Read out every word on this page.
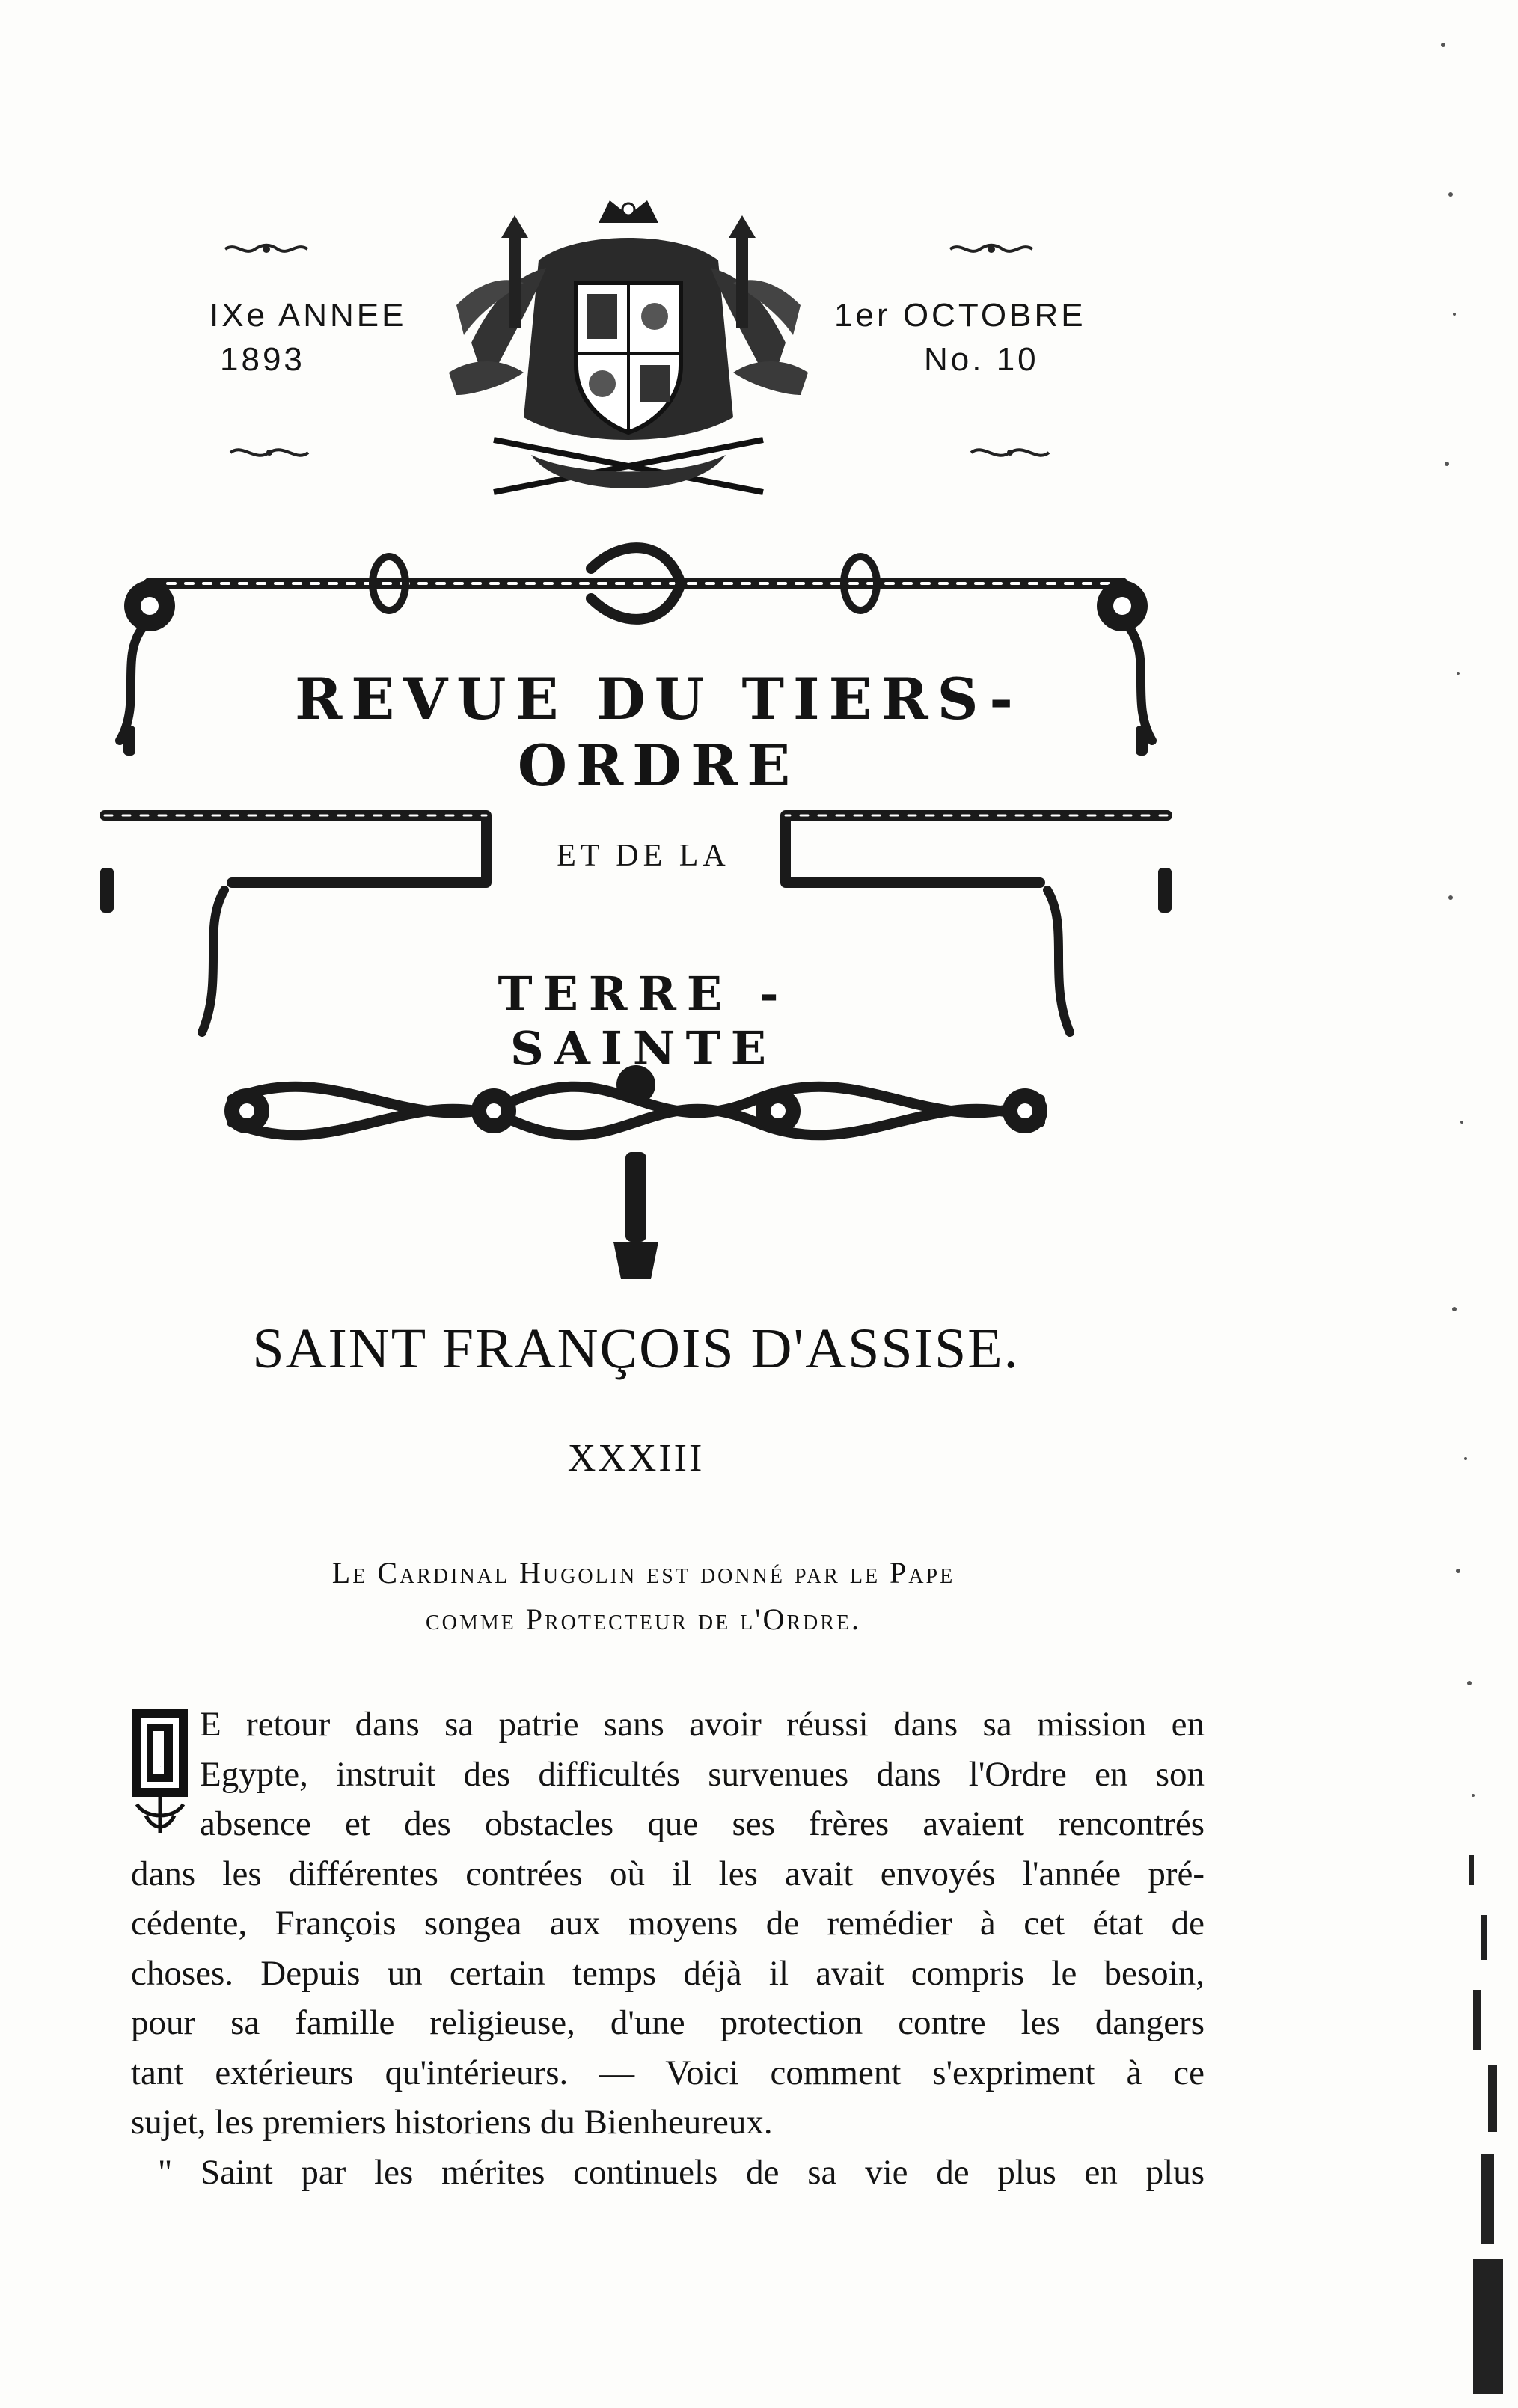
IXe ANNEE
1893
1er OCTOBRE
No. 10
REVUE DU TIERS-ORDRE
ET DE LA
TERRE - SAINTE
SAINT FRANÇOIS D'ASSISE.
XXXIII
Le Cardinal Hugolin est donné par le Pape
comme Protecteur de l'Ordre.
D
E retour dans sa patrie sans avoir réussi dans sa mission en
Egypte, instruit des difficultés survenues dans l'Ordre en son
absence et des obstacles que ses frères avaient rencontrés
dans les différentes contrées où il les avait envoyés l'année pré-
cédente, François songea aux moyens de remédier à cet état de
choses. Depuis un certain temps déjà il avait compris le besoin,
pour sa famille religieuse, d'une protection contre les dangers
tant extérieurs qu'intérieurs. — Voici comment s'expriment à ce
sujet, les premiers historiens du Bienheureux.
" Saint par les mérites continuels de sa vie de plus en plus
